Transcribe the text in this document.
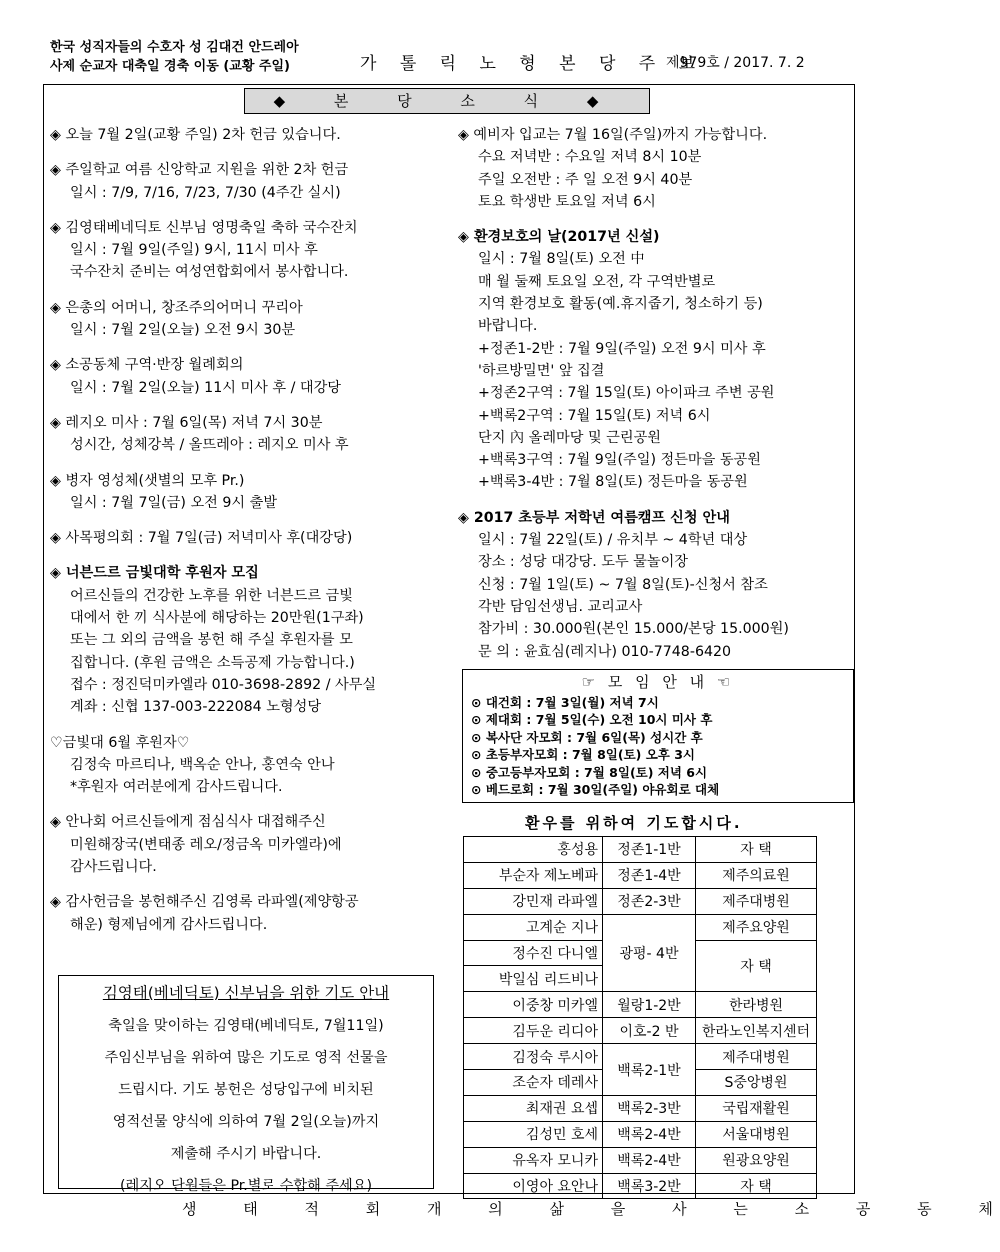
한국 성직자들의 수호자 성 김대건 안드레아
사제 순교자 대축일 경축 이동 (교황 주일)	가 톨 릭 노 형 본 당 주 보
제979호 / 2017. 7. 2
◆ 본 당 소 식 ◆
◈ 오늘 7월 2일(교황 주일) 2차 헌금 있습니다.
◈ 주일학교 여름 신앙학교 지원을 위한 2차 헌금
일시 : 7/9, 7/16, 7/23, 7/30 (4주간 실시)
◈ 김영태베네딕토 신부님 영명축일 축하 국수잔치
일시 : 7월 9일(주일) 9시, 11시 미사 후
국수잔치 준비는 여성연합회에서 봉사합니다.
◈ 은총의 어머니, 창조주의어머니 꾸리아
일시 : 7월 2일(오늘) 오전 9시 30분
◈ 소공동체 구역·반장 월례회의
일시 : 7월 2일(오늘) 11시 미사 후 / 대강당
◈ 레지오 미사 : 7월 6일(목) 저녁 7시 30분
성시간, 성체강복 / 올뜨레아 : 레지오 미사 후
◈ 병자 영성체(샛별의 모후 Pr.)
일시 : 7월 7일(금) 오전 9시 출발
◈ 사목평의회 : 7월 7일(금) 저녁미사 후(대강당)
◈ 너븐드르 금빛대학 후원자 모집
어르신들의 건강한 노후를 위한 너븐드르 금빛
대에서 한 끼 식사분에 해당하는 20만원(1구좌)
또는 그 외의 금액을 봉헌 해 주실 후원자를 모
집합니다. (후원 금액은 소득공제 가능합니다.)
접수 : 정진덕미카엘라 010-3698-2892 / 사무실
계좌 : 신협 137-003-222084 노형성당
♡금빛대 6월 후원자♡
김정숙 마르티나, 백옥순 안나, 홍연숙 안나
*후원자 여러분에게 감사드립니다.
◈ 안나회 어르신들에게 점심식사 대접해주신
미원해장국(변태종 레오/정금옥 미카엘라)에
감사드립니다.
◈ 감사헌금을 봉헌해주신 김영록 라파엘(제양항공
해운) 형제님에게 감사드립니다.
◈ 예비자 입교는 7월 16일(주일)까지 가능합니다.
수요 저녁반 : 수요일 저녁 8시 10분
주일 오전반 : 주 일 오전 9시 40분
토요 학생반 토요일 저녁 6시
◈ 환경보호의 날(2017년 신설)
일시 : 7월 8일(토) 오전 中
매 월 둘째 토요일 오전, 각 구역반별로
지역 환경보호 활동(예.휴지줍기, 청소하기 등)
바랍니다.
+정존1-2반 : 7월 9일(주일) 오전 9시 미사 후
'하르방밀면' 앞 집결
+정존2구역 : 7월 15일(토) 아이파크 주변 공원
+백록2구역 : 7월 15일(토) 저녁 6시
단지 內 올레마당 및 근린공원
+백록3구역 : 7월 9일(주일) 정든마을 동공원
+백록3-4반 : 7월 8일(토) 정든마을 동공원
◈ 2017 초등부 저학년 여름캠프 신청 안내
일시 : 7월 22일(토) / 유치부 ~ 4학년 대상
장소 : 성당 대강당. 도두 물놀이장
신청 : 7월 1일(토) ~ 7월 8일(토)-신청서 참조
각반 담임선생님. 교리교사
참가비 : 30.000원(본인 15.000/본당 15.000원)
문 의 : 윤효심(레지나) 010-7748-6420
☞ 모 임 안 내 ☜
⊙ 대건회 : 7월 3일(월) 저녁 7시
⊙ 제대회 : 7월 5일(수) 오전 10시 미사 후
⊙ 복사단 자모회 : 7월 6일(목) 성시간 후
⊙ 초등부자모회 : 7월 8일(토) 오후 3시
⊙ 중고등부자모회 : 7월 8일(토) 저녁 6시
⊙ 베드로회 : 7월 30일(주일) 야유회로 대체
환우를 위하여 기도합시다.
홍성용	정존1-1반	자 택
부순자 제노베파	정존1-4반	제주의료원
강민재 라파엘	정존2-3반	제주대병원
고계순 지나	광평- 4반	제주요양원
정수진 다니엘		자 택
박일심 리드비나		
이중창 미카엘	월랑1-2반	한라병원
김두운 리디아	이호-2 반	한라노인복지센터
김정숙 루시아	백록2-1반	제주대병원
조순자 데레사		S중앙병원
최재권 요셉	백록2-3반	국립재활원
김성민 호세	백록2-4반	서울대병원
유옥자 모니카	백록2-4반	원광요양원
이영아 요안나	백록3-2반	자 택
김영태(베네딕토) 신부님을 위한 기도 안내
축일을 맞이하는 김영태(베네딕토, 7월11일)
주임신부님을 위하여 많은 기도로 영적 선물을
드립시다. 기도 봉헌은 성당입구에 비치된
영적선물 양식에 의하여 7월 2일(오늘)까지
제출해 주시기 바랍니다.
(레지오 단원들은 Pr.별로 수합해 주세요)
생 태 적 회 개 의 삶 을 사 는 소 공 동 체
